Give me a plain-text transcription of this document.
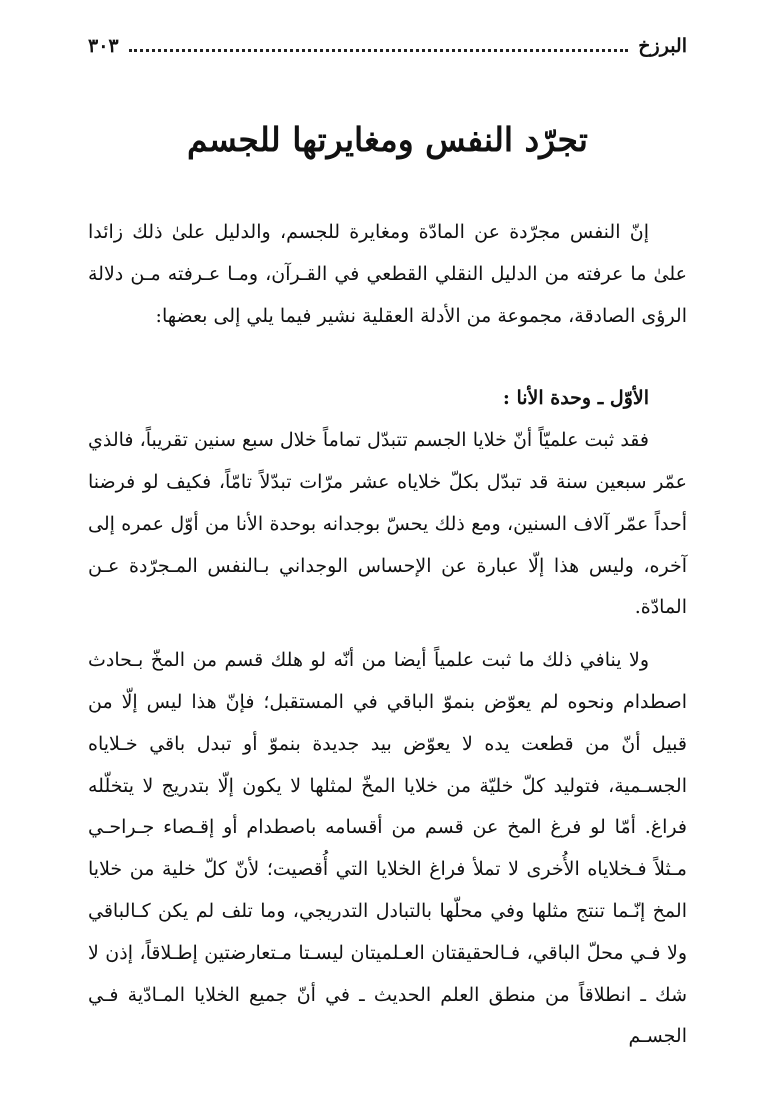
البرزخ
٣٠٣
تجرّد النفس ومغايرتها للجسم

إنّ النفس مجرّدة عن المادّة ومغايرة للجسم، والدليل علىٰ ذلك زائدا علىٰ ما عرفته من الدليل النقلي القطعي في القـرآن، ومـا عـرفته مـن دلالة الرؤى الصادقة، مجموعة من الأدلة العقلية نشير فيما يلي إلى بعضها:

الأوّل ـ وحدة الأنا :

فقد ثبت علميّاً أنّ خلايا الجسم تتبدّل تماماً خلال سبع سنين تقريباً، فالذي عمّر سبعين سنة قد تبدّل بكلّ خلاياه عشر مرّات تبدّلاً تامّاً، فكيف لو فرضنا أحداً عمّر آلاف السنين، ومع ذلك يحسّ بوجدانه بوحدة الأنا من أوّل عمره إلى آخره، وليس هذا إلّا عبارة عن الإحساس الوجداني بـالنفس المـجرّدة عـن المادّة.

ولا ينافي ذلك ما ثبت علمياً أيضا من أنّه لو هلك قسم من المخّ بـحادث اصطدام ونحوه لم يعوّض بنموّ الباقي في المستقبل؛ فإنّ هذا ليس إلّا من قبيل أنّ من قطعت يده لا يعوّض بيد جديدة بنموّ أو تبدل باقي خـلاياه الجسـمية، فتوليد كلّ خليّة من خلايا المخّ لمثلها لا يكون إلّا بتدريج لا يتخلّله فراغ. أمّا لو فرغ المخ عن قسم من أقسامه باصطدام أو إقـصاء جـراحـي مـثلاً فـخلاياه الأُخرى لا تملأ فراغ الخلايا التي أُقصيت؛ لأنّ كلّ خلية من خلايا المخ إنّـما تنتج مثلها وفي محلّها بالتبادل التدريجي، وما تلف لم يكن كـالباقي ولا فـي محلّ الباقي، فـالحقيقتان العـلميتان ليسـتا مـتعارضتين إطـلاقاً، إذن لا شك ـ انطلاقاً من منطق العلم الحديث ـ في أنّ جميع الخلايا المـادّية فـي الجسـم
